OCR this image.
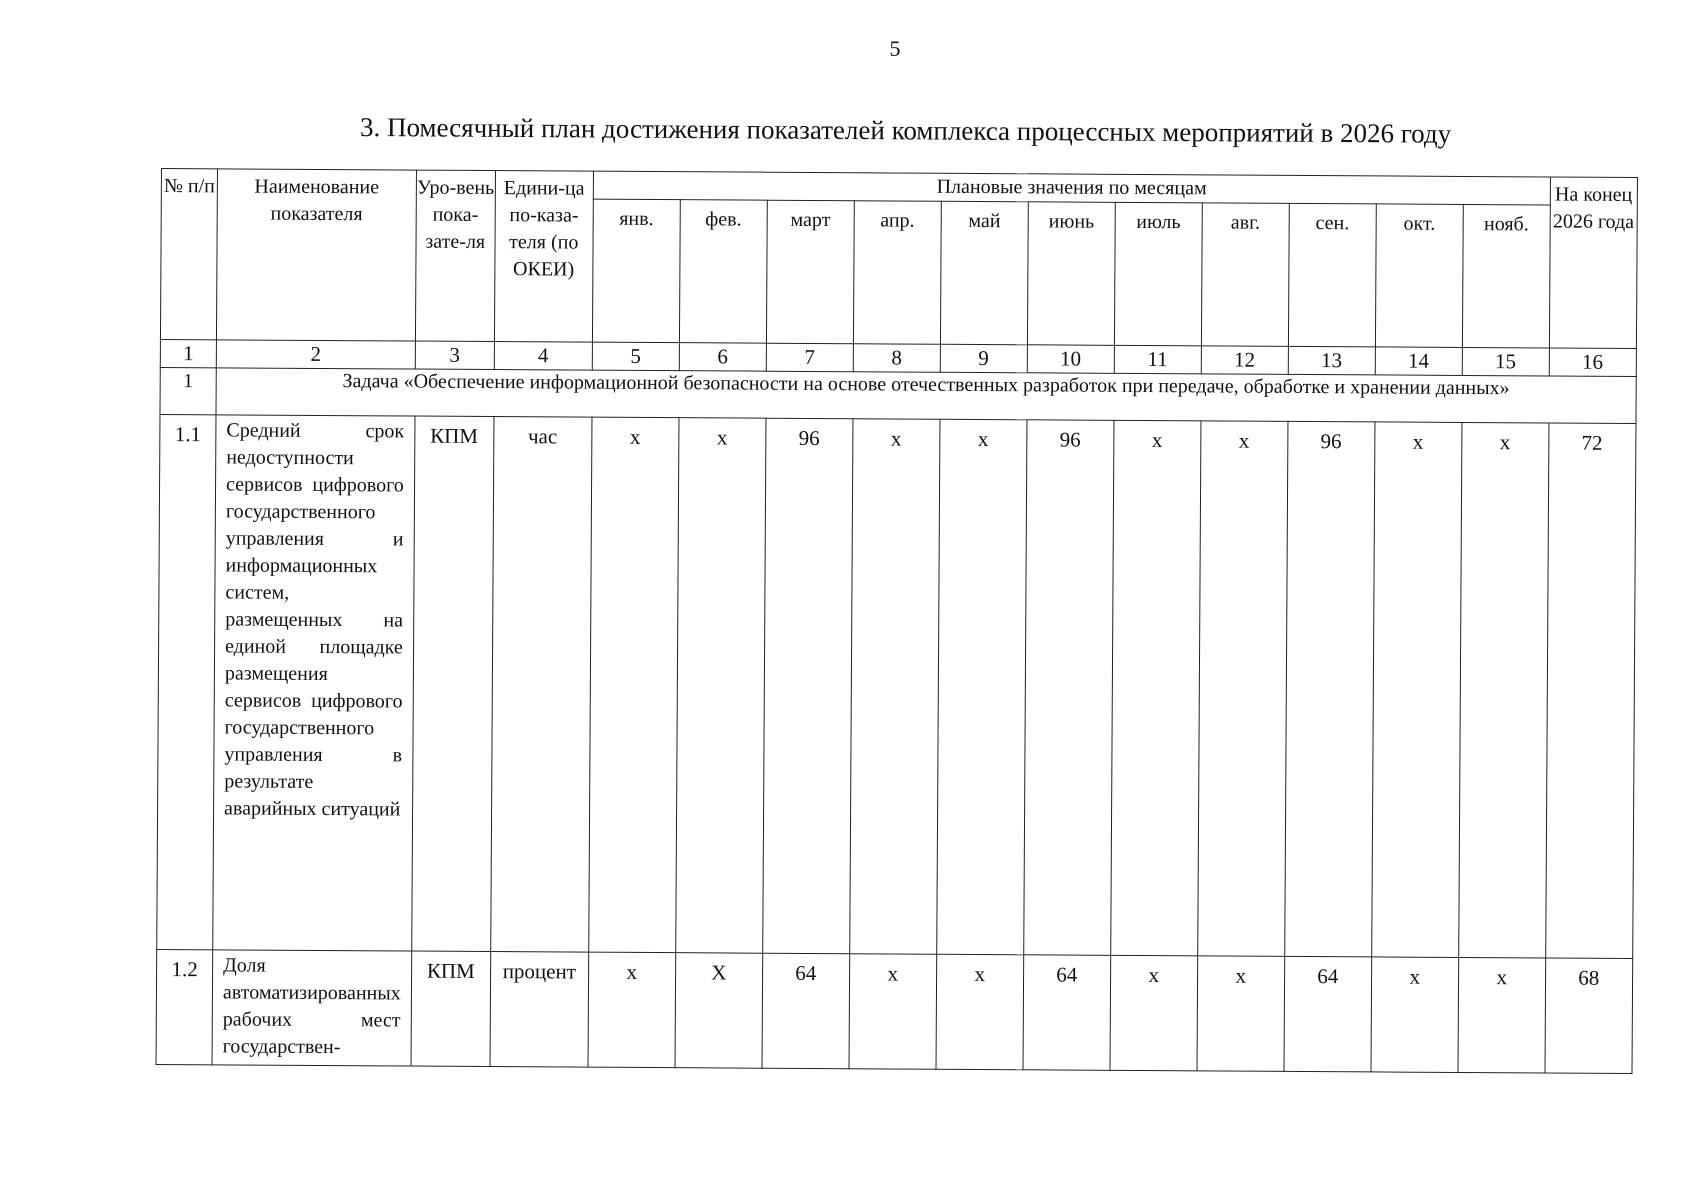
5
3. Помесячный план достижения показателей комплекса процессных мероприятий в 2026 году
№ п/п	Наименование показателя	Уро-вень пока-зате-ля	Едини-ца по-каза-теля (по ОКЕИ)	Плановые значения по месяцам											На конец 2026 года
				янв.	фев.	март	апр.	май	июнь	июль	авг.	сен.	окт.	нояб.	
1	2	3	4	5	6	7	8	9	10	11	12	13	14	15	16
1	Задача «Обеспечение информационной безопасности на основе отечественных разработок при передаче, обработке и хранении данных»														
1.1	Средний срок недоступности сервисов цифрового государственного управления и информационных систем, размещенных на единой площадке размещения сервисов цифрового государственного управления в результате аварийных ситуаций	КПМ	час	х	х	96	х	х	96	х	х	96	х	х	72
1.2	Доля автоматизированных рабочих мест государствен-	КПМ	процент	х	Х	64	х	х	64	х	х	64	х	х	68
